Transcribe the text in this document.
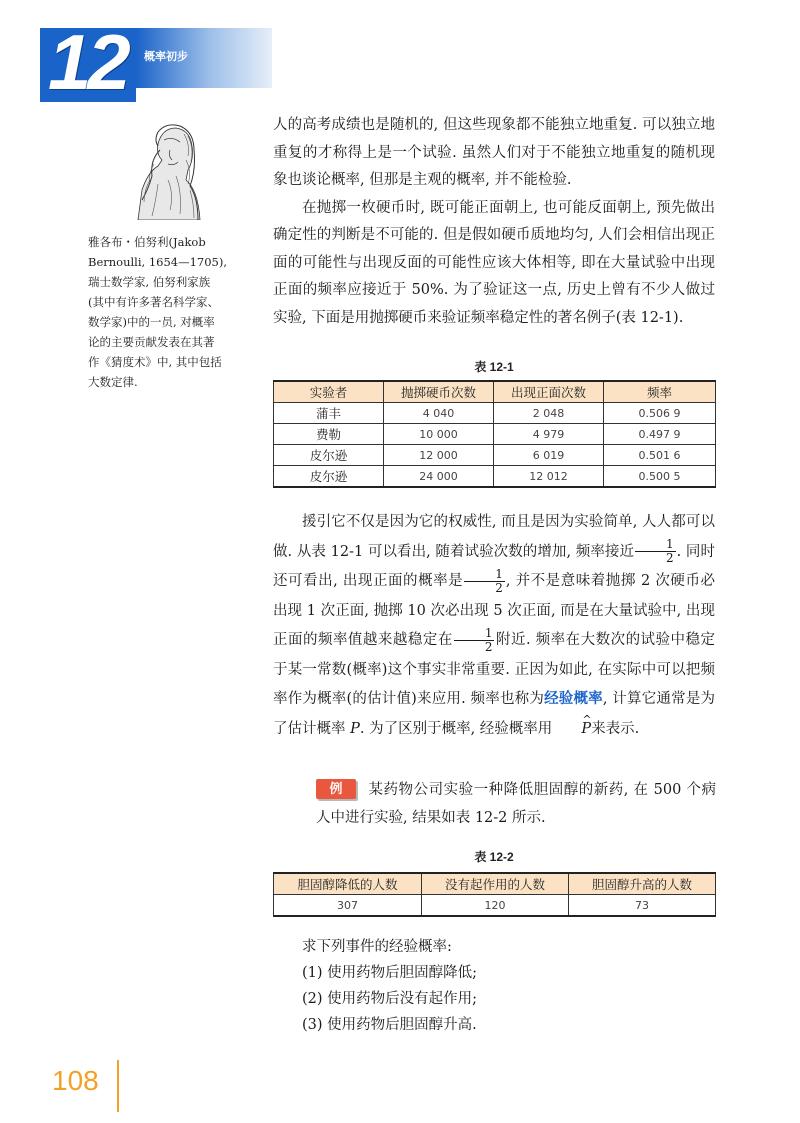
12 概率初步

雅各布・伯努利(Jakob

Bernoulli, 1654—1705),

瑞士数学家, 伯努利家族

(其中有许多著名科学家、

数学家)中的一员, 对概率

论的主要贡献发表在其著

作《猜度术》中, 其中包括

大数定律.

人的高考成绩也是随机的, 但这些现象都不能独立地重复. 可以独立地重复的才称得上是一个试验. 虽然人们对于不能独立地重复的随机现象也谈论概率, 但那是主观的概率, 并不能检验.

在抛掷一枚硬币时, 既可能正面朝上, 也可能反面朝上, 预先做出确定性的判断是不可能的. 但是假如硬币质地均匀, 人们会相信出现正面的可能性与出现反面的可能性应该大体相等, 即在大量试验中出现正面的频率应接近于 50%. 为了验证这一点, 历史上曾有不少人做过实验, 下面是用抛掷硬币来验证频率稳定性的著名例子(表 12-1).

表 12-1
实验者	抛掷硬币次数	出现正面次数	频率
蒲丰	4 040	2 048	0.506 9
费勒	10 000	4 979	0.497 9
皮尔逊	12 000	6 019	0.501 6
皮尔逊	24 000	12 012	0.500 5

援引它不仅是因为它的权威性, 而且是因为实验简单, 人人都可以做. 从表 12-1 可以看出, 随着试验次数的增加, 频率接近 $\frac{1}{2}$ . 同时还可看出, 出现正面的概率是 $\frac{1}{2}$ , 并不是意味着抛掷 2 次硬币必出现 1 次正面, 抛掷 10 次必出现 5 次正面, 而是在大量试验中, 出现正面的频率值越来越稳定在 $\frac{1}{2}$ 附近. 频率在大数次的试验中稳定于某一常数(概率)这个事实非常重要. 正因为如此, 在实际中可以把频率作为概率(的估计值)来应用. 频率也称为经验概率, 计算它通常是为了估计概率 P. 为了区别于概率, 经验概率用 ^ P来表示.

例 某药物公司实验一种降低胆固醇的新药, 在 500 个病人中进行实验, 结果如表 12-2 所示.

表 12-2
胆固醇降低的人数	没有起作用的人数	胆固醇升高的人数
307	120	73

求下列事件的经验概率:

(1) 使用药物后胆固醇降低;

(2) 使用药物后没有起作用;

(3) 使用药物后胆固醇升高.

108
